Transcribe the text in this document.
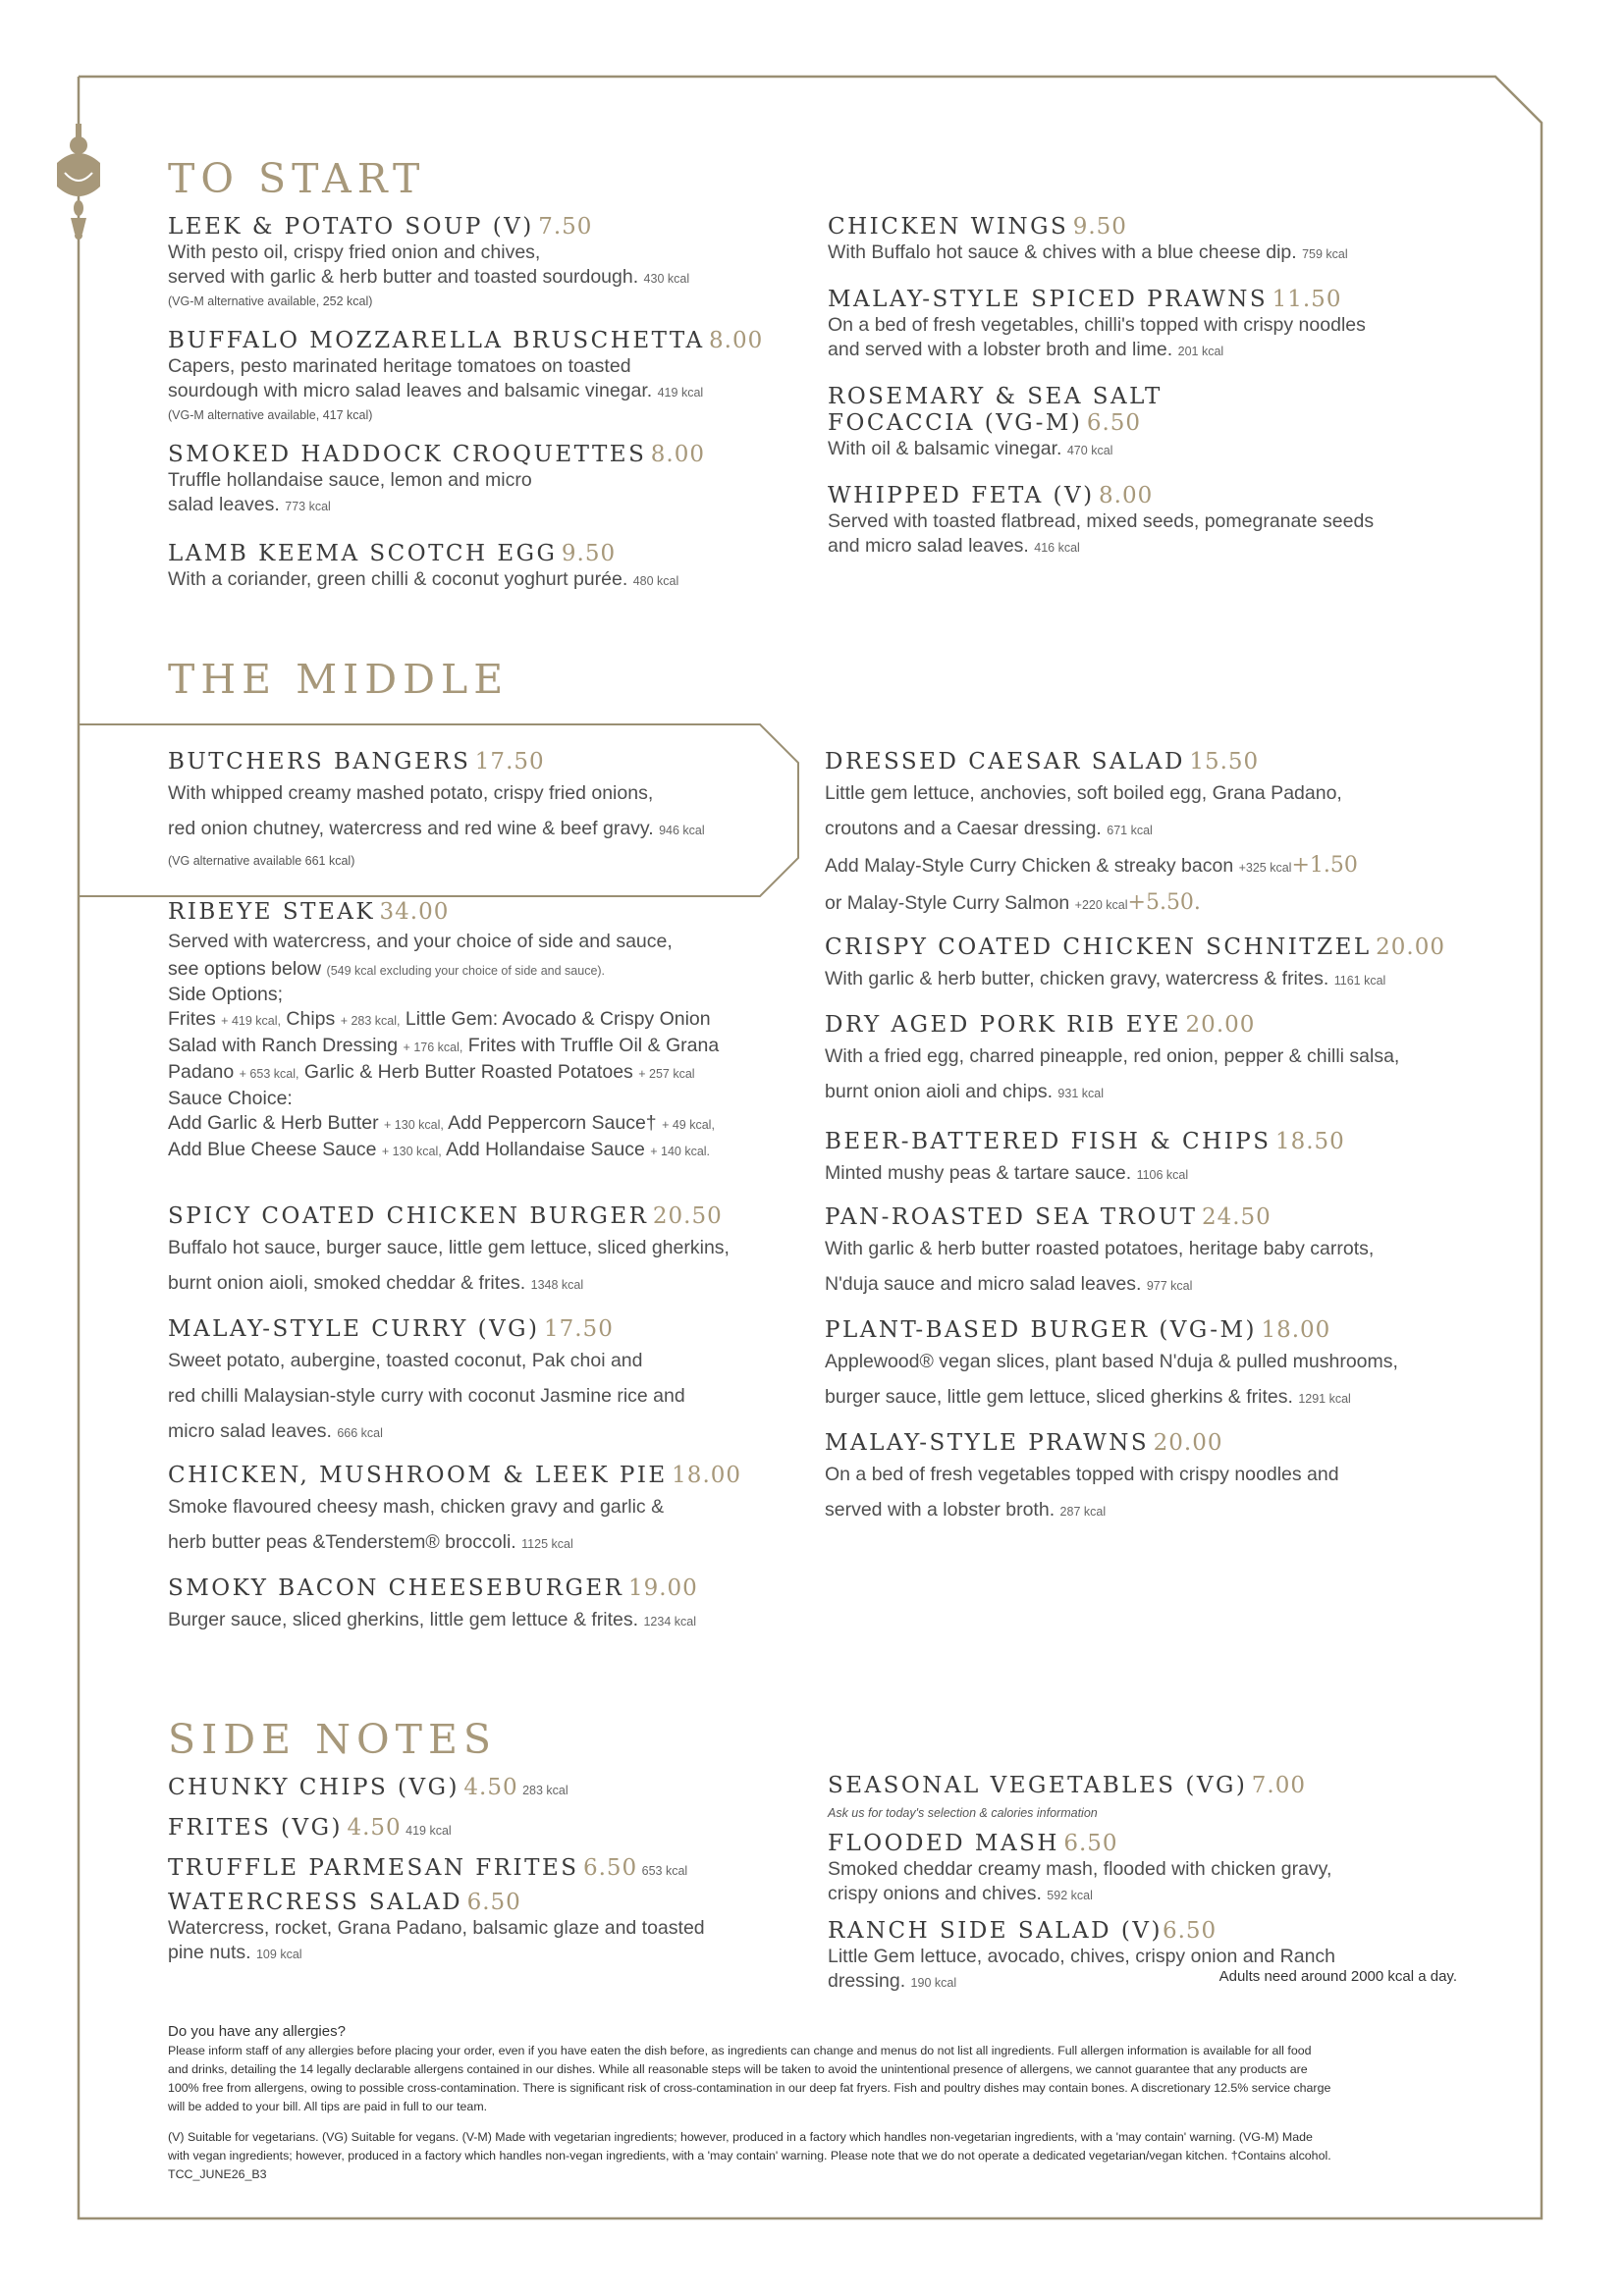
TO START
LEEK & POTATO SOUP (V) 7.50
With pesto oil, crispy fried onion and chives,
served with garlic & herb butter and toasted sourdough. 430 kcal
(VG-M alternative available, 252 kcal)
BUFFALO MOZZARELLA BRUSCHETTA 8.00
Capers, pesto marinated heritage tomatoes on toasted
sourdough with micro salad leaves and balsamic vinegar. 419 kcal
(VG-M alternative available, 417 kcal)
SMOKED HADDOCK CROQUETTES 8.00
Truffle hollandaise sauce, lemon and micro
salad leaves. 773 kcal
LAMB KEEMA SCOTCH EGG 9.50
With a coriander, green chilli & coconut yoghurt purée. 480 kcal
CHICKEN WINGS 9.50
With Buffalo hot sauce & chives with a blue cheese dip. 759 kcal
MALAY-STYLE SPICED PRAWNS 11.50
On a bed of fresh vegetables, chilli's topped with crispy noodles
and served with a lobster broth and lime. 201 kcal
ROSEMARY & SEA SALT
FOCACCIA (VG-M) 6.50
With oil & balsamic vinegar. 470 kcal
WHIPPED FETA (V) 8.00
Served with toasted flatbread, mixed seeds, pomegranate seeds
and micro salad leaves. 416 kcal
THE MIDDLE
BUTCHERS BANGERS 17.50
With whipped creamy mashed potato, crispy fried onions,
red onion chutney, watercress and red wine & beef gravy. 946 kcal
(VG alternative available 661 kcal)
RIBEYE STEAK 34.00
Served with watercress, and your choice of side and sauce,
see options below (549 kcal excluding your choice of side and sauce).
Side Options;
Frites + 419 kcal, Chips + 283 kcal, Little Gem: Avocado & Crispy Onion
Salad with Ranch Dressing + 176 kcal, Frites with Truffle Oil & Grana
Padano + 653 kcal, Garlic & Herb Butter Roasted Potatoes + 257 kcal
Sauce Choice:
Add Garlic & Herb Butter + 130 kcal, Add Peppercorn Sauce† + 49 kcal,
Add Blue Cheese Sauce + 130 kcal, Add Hollandaise Sauce + 140 kcal.
SPICY COATED CHICKEN BURGER 20.50
Buffalo hot sauce, burger sauce, little gem lettuce, sliced gherkins,
burnt onion aioli, smoked cheddar & frites. 1348 kcal
MALAY-STYLE CURRY (VG) 17.50
Sweet potato, aubergine, toasted coconut, Pak choi and
red chilli Malaysian-style curry with coconut Jasmine rice and
micro salad leaves. 666 kcal
CHICKEN, MUSHROOM & LEEK PIE 18.00
Smoke flavoured cheesy mash, chicken gravy and garlic &
herb butter peas &Tenderstem® broccoli. 1125 kcal
SMOKY BACON CHEESEBURGER 19.00
Burger sauce, sliced gherkins, little gem lettuce & frites. 1234 kcal
DRESSED CAESAR SALAD 15.50
Little gem lettuce, anchovies, soft boiled egg, Grana Padano,
croutons and a Caesar dressing. 671 kcal
Add Malay-Style Curry Chicken & streaky bacon +325 kcal+1.50
or Malay-Style Curry Salmon +220 kcal+5.50.
CRISPY COATED CHICKEN SCHNITZEL 20.00
With garlic & herb butter, chicken gravy, watercress & frites. 1161 kcal
DRY AGED PORK RIB EYE 20.00
With a fried egg, charred pineapple, red onion, pepper & chilli salsa,
burnt onion aioli and chips. 931 kcal
BEER-BATTERED FISH & CHIPS 18.50
Minted mushy peas & tartare sauce. 1106 kcal
PAN-ROASTED SEA TROUT 24.50
With garlic & herb butter roasted potatoes, heritage baby carrots,
N'duja sauce and micro salad leaves. 977 kcal
PLANT-BASED BURGER (VG-M) 18.00
Applewood® vegan slices, plant based N'duja & pulled mushrooms,
burger sauce, little gem lettuce, sliced gherkins & frites. 1291 kcal
MALAY-STYLE PRAWNS 20.00
On a bed of fresh vegetables topped with crispy noodles and
served with a lobster broth. 287 kcal
SIDE NOTES
CHUNKY CHIPS (VG) 4.50 283 kcal
FRITES (VG) 4.50 419 kcal
TRUFFLE PARMESAN FRITES 6.50 653 kcal
WATERCRESS SALAD 6.50
Watercress, rocket, Grana Padano, balsamic glaze and toasted
pine nuts. 109 kcal
SEASONAL VEGETABLES (VG) 7.00
Ask us for today's selection & calories information
FLOODED MASH 6.50
Smoked cheddar creamy mash, flooded with chicken gravy,
crispy onions and chives. 592 kcal
RANCH SIDE SALAD (V)6.50
Little Gem lettuce, avocado, chives, crispy onion and Ranch
dressing. 190 kcal	Adults need around 2000 kcal a day.
Do you have any allergies?
Please inform staff of any allergies before placing your order, even if you have eaten the dish before, as ingredients can change and menus do not list all ingredients. Full allergen information is available for all food
and drinks, detailing the 14 legally declarable allergens contained in our dishes. While all reasonable steps will be taken to avoid the unintentional presence of allergens, we cannot guarantee that any products are
100% free from allergens, owing to possible cross-contamination. There is significant risk of cross-contamination in our deep fat fryers. Fish and poultry dishes may contain bones. A discretionary 12.5% service charge
will be added to your bill. All tips are paid in full to our team.
(V) Suitable for vegetarians. (VG) Suitable for vegans. (V-M) Made with vegetarian ingredients; however, produced in a factory which handles non-vegetarian ingredients, with a 'may contain' warning. (VG-M) Made
with vegan ingredients; however, produced in a factory which handles non-vegan ingredients, with a 'may contain' warning. Please note that we do not operate a dedicated vegetarian/vegan kitchen. †Contains alcohol.
TCC_JUNE26_B3
